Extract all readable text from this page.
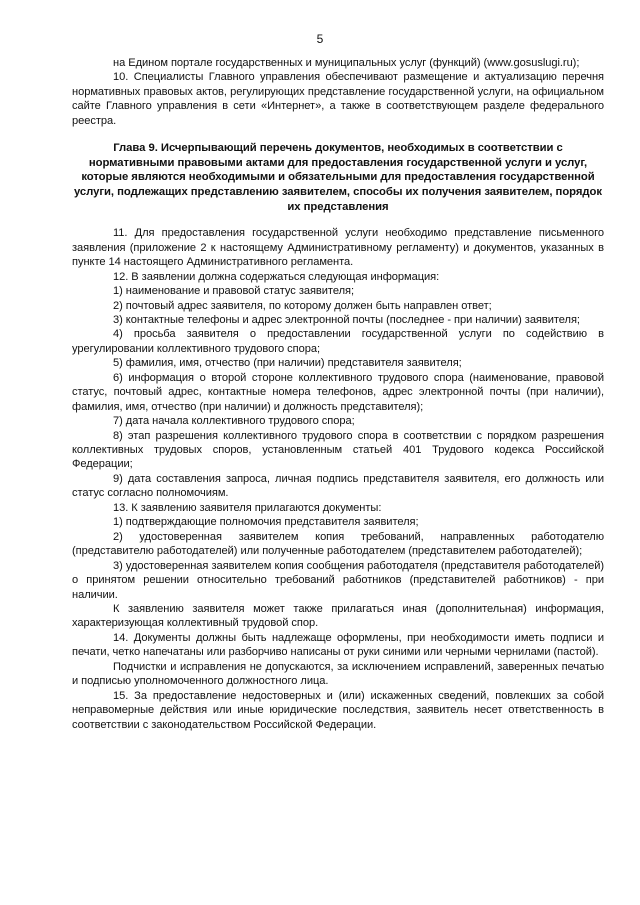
5

на Едином портале государственных и муниципальных услуг (функций) (www.gosuslugi.ru);

10. Специалисты Главного управления обеспечивают размещение и актуализацию перечня нормативных правовых актов, регулирующих представление государственной услуги, на официальном сайте Главного управления в сети «Интернет», а также в соответствующем разделе федерального реестра.

Глава 9. Исчерпывающий перечень документов, необходимых в соответствии с нормативными правовыми актами для предоставления государственной услуги и услуг, которые являются необходимыми и обязательными для предоставления государственной услуги, подлежащих представлению заявителем, способы их получения заявителем, порядок их представления

11. Для предоставления государственной услуги необходимо представление письменного заявления (приложение 2 к настоящему Административному регламенту) и документов, указанных в пункте 14 настоящего Административного регламента.

12. В заявлении должна содержаться следующая информация:

1) наименование и правовой статус заявителя;

2) почтовый адрес заявителя, по которому должен быть направлен ответ;

3) контактные телефоны и адрес электронной почты (последнее - при наличии) заявителя;

4) просьба заявителя о предоставлении государственной услуги по содействию в урегулировании коллективного трудового спора;

5) фамилия, имя, отчество (при наличии) представителя заявителя;

6) информация о второй стороне коллективного трудового спора (наименование, правовой статус, почтовый адрес, контактные номера телефонов, адрес электронной почты (при наличии), фамилия, имя, отчество (при наличии) и должность представителя);

7) дата начала коллективного трудового спора;

8) этап разрешения коллективного трудового спора в соответствии с порядком разрешения коллективных трудовых споров, установленным статьей 401 Трудового кодекса Российской Федерации;

9) дата составления запроса, личная подпись представителя заявителя, его должность или статус согласно полномочиям.

13. К заявлению заявителя прилагаются документы:

1) подтверждающие полномочия представителя заявителя;

2) удостоверенная заявителем копия требований, направленных работодателю (представителю работодателей) или полученные работодателем (представителем работодателей);

3) удостоверенная заявителем копия сообщения работодателя (представителя работодателей) о принятом решении относительно требований работников (представителей работников) - при наличии.

К заявлению заявителя может также прилагаться иная (дополнительная) информация, характеризующая коллективный трудовой спор.

14. Документы должны быть надлежаще оформлены, при необходимости иметь подписи и печати, четко напечатаны или разборчиво написаны от руки синими или черными чернилами (пастой).

Подчистки и исправления не допускаются, за исключением исправлений, заверенных печатью и подписью уполномоченного должностного лица.

15. За предоставление недостоверных и (или) искаженных сведений, повлекших за собой неправомерные действия или иные юридические последствия, заявитель несет ответственность в соответствии с законодательством Российской Федерации.
